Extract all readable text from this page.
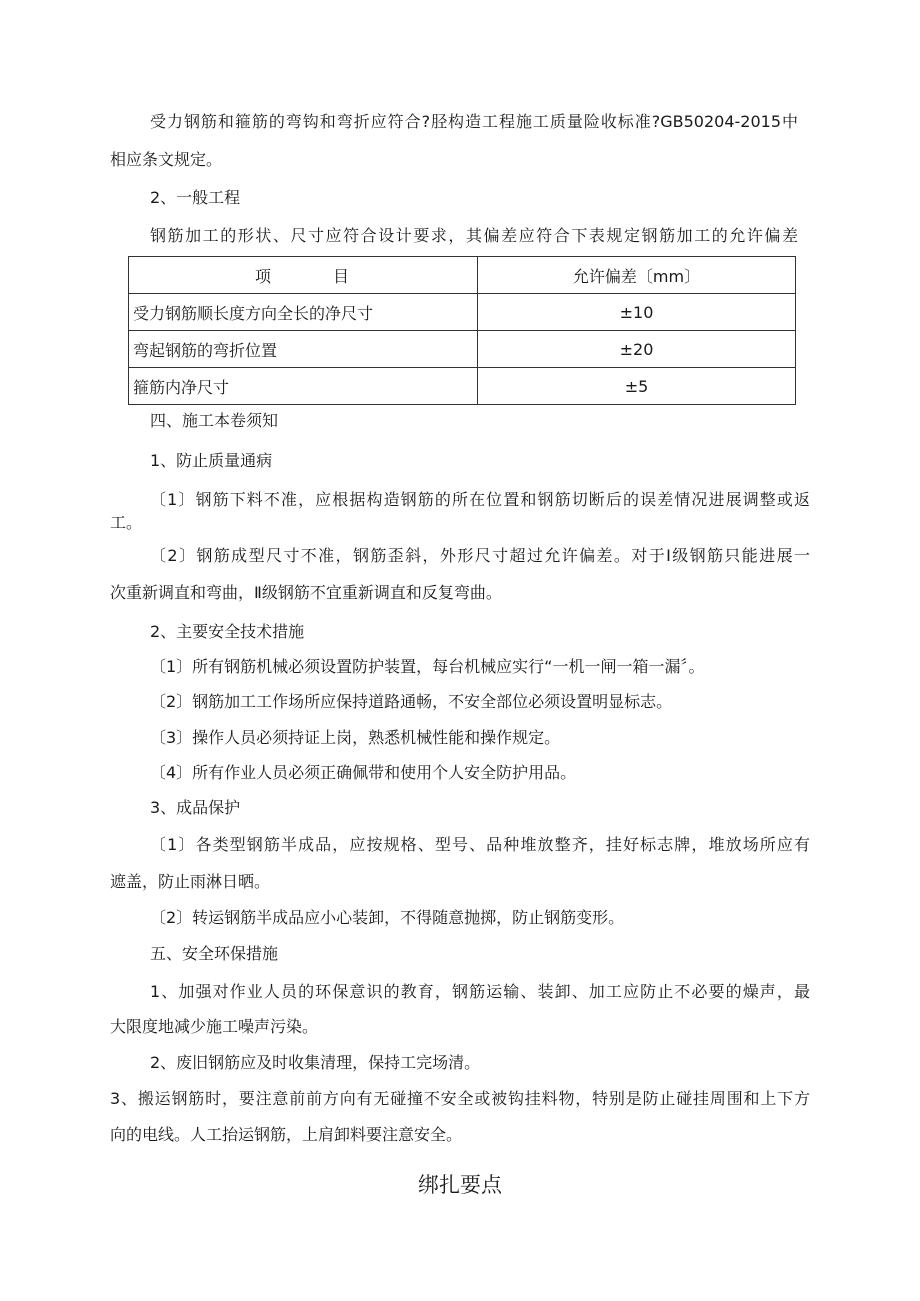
受力钢筋和箍筋的弯钩和弯折应符合?胫构造工程施工质量险收标准?GB50204-2015中
相应条文规定。
2、一般工程
钢筋加工的形状、尺寸应符合设计要求，其偏差应符合下表规定钢筋加工的允许偏差
项 目	允许偏差〔mm〕
受力钢筋顺长度方向全长的净尺寸	±10
弯起钢筋的弯折位置	±20
箍筋内净尺寸	±5
四、施工本卷须知
1、防止质量通病
〔1〕钢筋下料不准，应根据构造钢筋的所在位置和钢筋切断后的误差情况进展调整或返
工。
〔2〕钢筋成型尺寸不准，钢筋歪斜，外形尺寸超过允许偏差。对于Ⅰ级钢筋只能进展一
次重新调直和弯曲，Ⅱ级钢筋不宜重新调直和反复弯曲。
2、主要安全技术措施
〔1〕所有钢筋机械必须设置防护装置，每台机械应实行“一机一闸一箱一漏〞。
〔2〕钢筋加工工作场所应保持道路通畅，不安全部位必须设置明显标志。
〔3〕操作人员必须持证上岗，熟悉机械性能和操作规定。
〔4〕所有作业人员必须正确佩带和使用个人安全防护用品。
3、成品保护
〔1〕各类型钢筋半成品，应按规格、型号、品种堆放整齐，挂好标志牌，堆放场所应有
遮盖，防止雨淋日晒。
〔2〕转运钢筋半成品应小心装卸，不得随意抛掷，防止钢筋变形。
五、安全环保措施
1、加强对作业人员的环保意识的教育，钢筋运输、装卸、加工应防止不必要的燥声，最
大限度地减少施工噪声污染。
2、废旧钢筋应及时收集清理，保持工完场清。
3、搬运钢筋时，要注意前前方向有无碰撞不安全或被钩挂料物，特别是防止碰挂周围和上下方
向的电线。人工抬运钢筋，上肩卸料要注意安全。
绑扎要点
